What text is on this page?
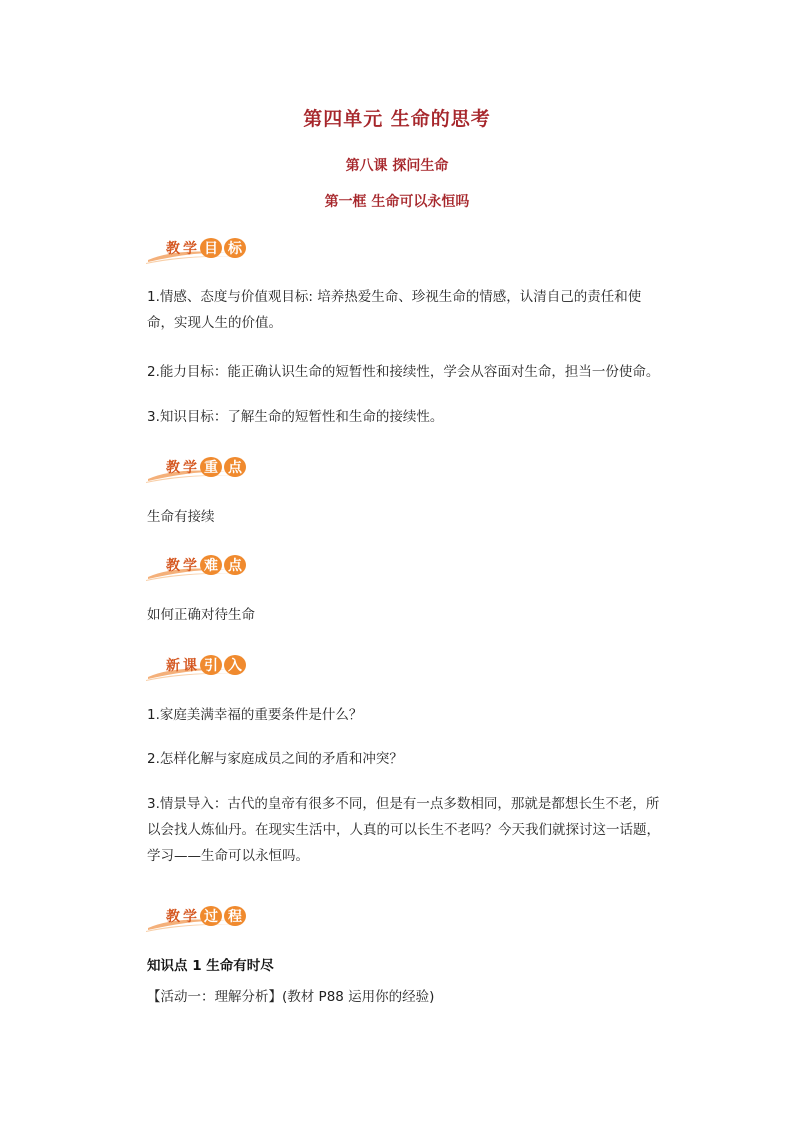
第四单元 生命的思考
第八课 探问生命
第一框 生命可以永恒吗
教 学 目 标
1.情感、态度与价值观目标: 培养热爱生命、珍视生命的情感，认清自己的责任和使命，实现人生的价值。
2.能力目标：能正确认识生命的短暂性和接续性，学会从容面对生命，担当一份使命。
3.知识目标：了解生命的短暂性和生命的接续性。
教 学 重 点
生命有接续
教 学 难 点
如何正确对待生命
新 课 引 入
1.家庭美满幸福的重要条件是什么？
2.怎样化解与家庭成员之间的矛盾和冲突？
3.情景导入：古代的皇帝有很多不同，但是有一点多数相同，那就是都想长生不老，所以会找人炼仙丹。在现实生活中，人真的可以长生不老吗？今天我们就探讨这一话题，学习——生命可以永恒吗。
教 学 过 程
知识点 1 生命有时尽
【活动一：理解分析】(教材 P88 运用你的经验)
